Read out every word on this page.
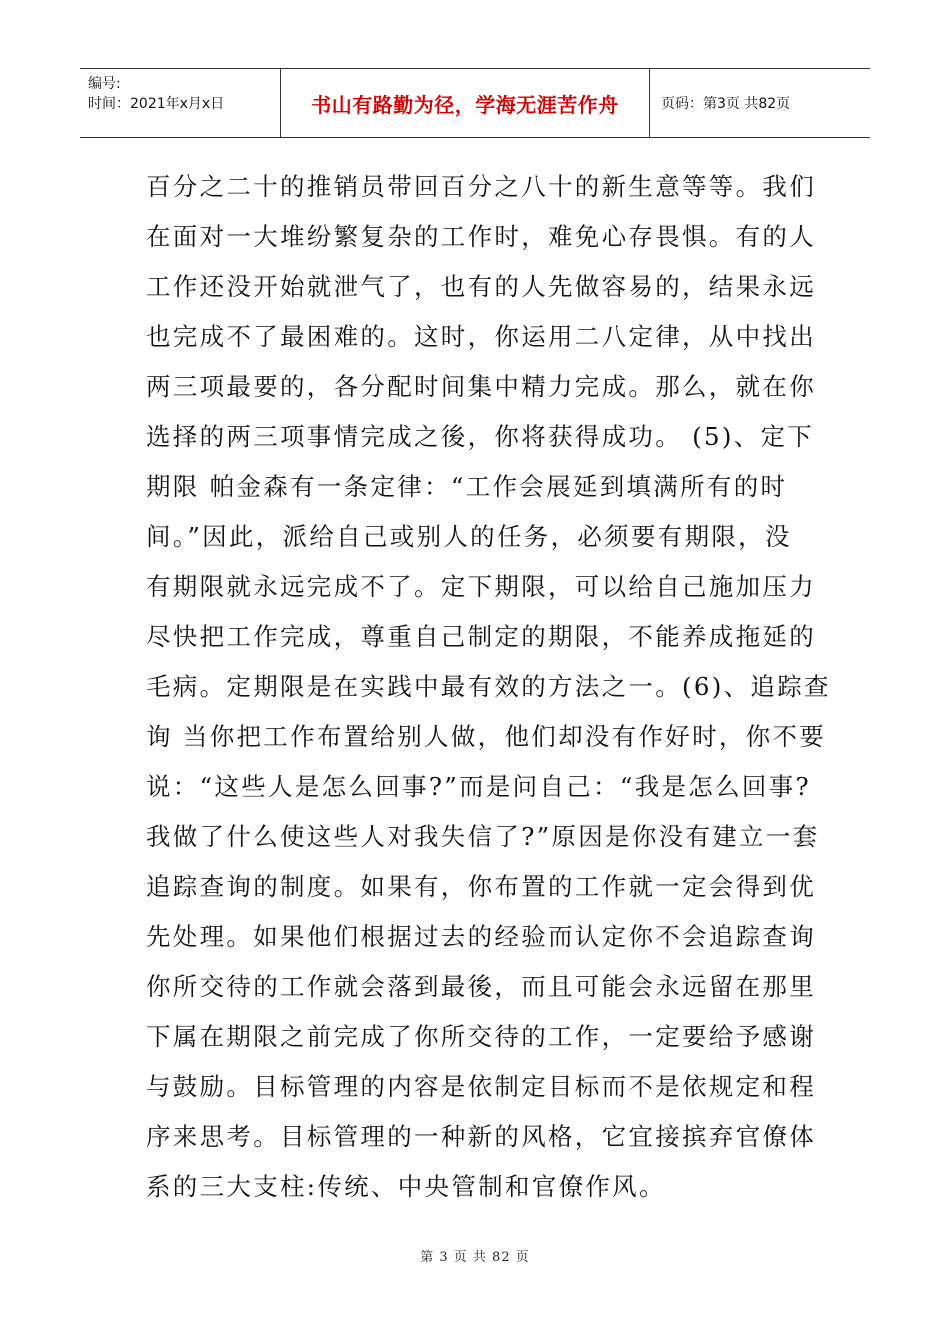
编号:
时间：2021年x月x日	书山有路勤为径，学海无涯苦作舟	页码：第3页 共82页
百分之二十的推销员带回百分之八十的新生意等等。我们
在面对一大堆纷繁复杂的工作时，难免心存畏惧。有的人
工作还没开始就泄气了，也有的人先做容易的，结果永远
也完成不了最困难的。这时，你运用二八定律，从中找出
两三项最要的，各分配时间集中精力完成。那么，就在你
选择的两三项事情完成之後，你将获得成功。 (5)、定下
期限 帕金森有一条定律：“工作会展延到填满所有的时
间。”因此，派给自己或别人的任务，必须要有期限，没
有期限就永远完成不了。定下期限，可以给自己施加压力
尽快把工作完成，尊重自己制定的期限，不能养成拖延的
毛病。定期限是在实践中最有效的方法之一。(6)、追踪查
询 当你把工作布置给别人做，他们却没有作好时，你不要
说：“这些人是怎么回事?”而是问自己：“我是怎么回事?
我做了什么使这些人对我失信了?”原因是你没有建立一套
追踪查询的制度。如果有，你布置的工作就一定会得到优
先处理。如果他们根据过去的经验而认定你不会追踪查询
你所交待的工作就会落到最後，而且可能会永远留在那里
下属在期限之前完成了你所交待的工作，一定要给予感谢
与鼓励。目标管理的内容是依制定目标而不是依规定和程
序来思考。目标管理的一种新的风格，它宜接摈弃官僚体
系的三大支柱:传统、中央管制和官僚作风。
第 3 页 共 82 页
